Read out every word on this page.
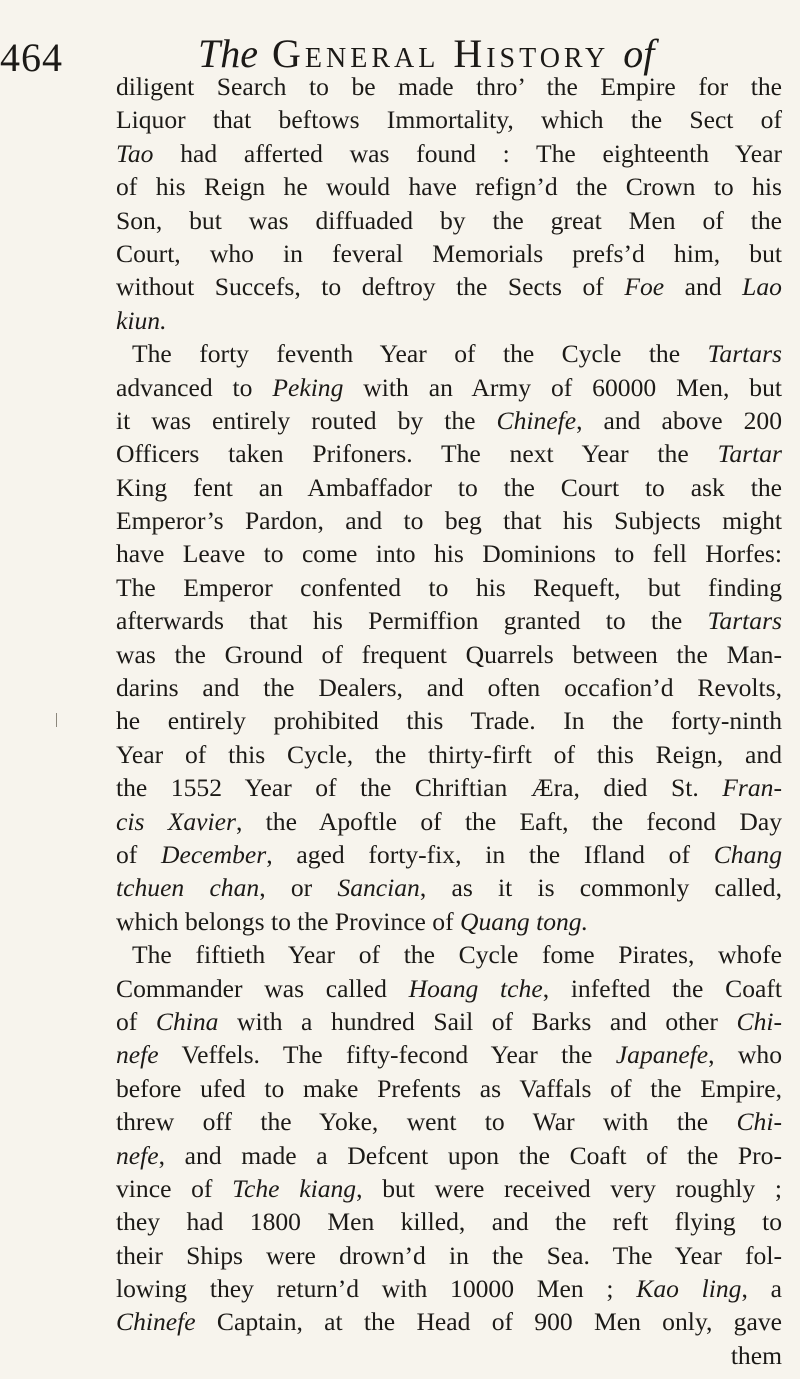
464	The General History of
diligent Search to be made thro’ the Empire for the
Liquor that beftows Immortality, which the Sect of
Tao had afferted was found : The eighteenth Year
of his Reign he would have refign’d the Crown to his
Son, but was diffuaded by the great Men of the
Court, who in feveral Memorials prefs’d him, but
without Succefs, to deftroy the Sects of Foe and Lao
kiun.
The forty feventh Year of the Cycle the Tartars
advanced to Peking with an Army of 60000 Men, but
it was entirely routed by the Chinefe, and above 200
Officers taken Prifoners. The next Year the Tartar
King fent an Ambaffador to the Court to ask the
Emperor’s Pardon, and to beg that his Subjects might
have Leave to come into his Dominions to fell Horfes:
The Emperor confented to his Requeft, but finding
afterwards that his Permiffion granted to the Tartars
was the Ground of frequent Quarrels between the Man-
darins and the Dealers, and often occafion’d Revolts,
he entirely prohibited this Trade. In the forty-ninth
Year of this Cycle, the thirty-firft of this Reign, and
the 1552 Year of the Chriftian Æra, died St. Fran-
cis Xavier, the Apoftle of the Eaft, the fecond Day
of December, aged forty-fix, in the Ifland of Chang
tchuen chan, or Sancian, as it is commonly called,
which belongs to the Province of Quang tong.
The fiftieth Year of the Cycle fome Pirates, whofe
Commander was called Hoang tche, infefted the Coaft
of China with a hundred Sail of Barks and other Chi-
nefe Veffels. The fifty-fecond Year the Japanefe, who
before ufed to make Prefents as Vaffals of the Empire,
threw off the Yoke, went to War with the Chi-
nefe, and made a Defcent upon the Coaft of the Pro-
vince of Tche kiang, but were received very roughly ;
they had 1800 Men killed, and the reft flying to
their Ships were drown’d in the Sea. The Year fol-
lowing they return’d with 10000 Men ; Kao ling, a
Chinefe Captain, at the Head of 900 Men only, gave
them
